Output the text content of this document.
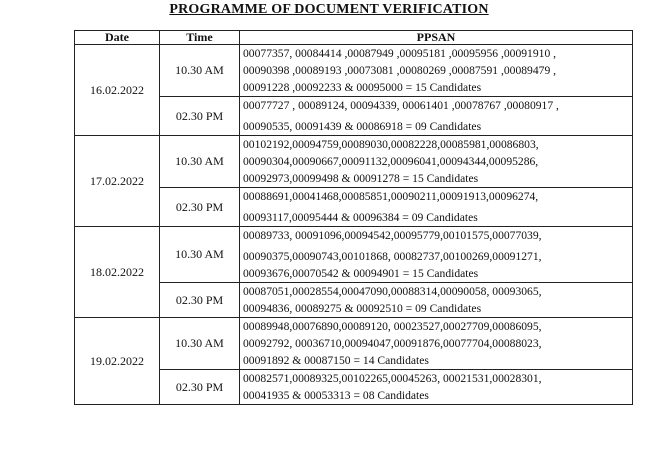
PROGRAMME OF DOCUMENT VERIFICATION
Date	Time	PPSAN
16.02.2022	10.30 AM	00077357, 00084414 ,00087949 ,00095181 ,00095956 ,00091910 ,
00090398 ,00089193 ,00073081 ,00080269 ,00087591 ,00089479 ,
00091228 ,00092233 & 00095000 = 15 Candidates

	02.30 PM	00077727 , 00089124, 00094339, 00061401 ,00078767 ,00080917 ,
00090535, 00091439 & 00086918 = 09 Candidates

17.02.2022	10.30 AM	00102192,00094759,00089030,00082228,00085981,00086803,
00090304,00090667,00091132,00096041,00094344,00095286,
00092973,00099498 & 00091278 = 15 Candidates

	02.30 PM	00088691,00041468,00085851,00090211,00091913,00096274,
00093117,00095444 & 00096384 = 09 Candidates

18.02.2022	10.30 AM	00089733, 00091096,00094542,00095779,00101575,00077039,
00090375,00090743,00101868, 00082737,00100269,00091271,
00093676,00070542 & 00094901 = 15 Candidates

	02.30 PM	00087051,00028554,00047090,00088314,00090058, 00093065,
00094836, 00089275 & 00092510 = 09 Candidates

19.02.2022	10.30 AM	00089948,00076890,00089120, 00023527,00027709,00086095,
00092792, 00036710,00094047,00091876,00077704,00088023,
00091892 & 00087150 = 14 Candidates

	02.30 PM	00082571,00089325,00102265,00045263, 00021531,00028301,
00041935 & 00053313 = 08 Candidates
